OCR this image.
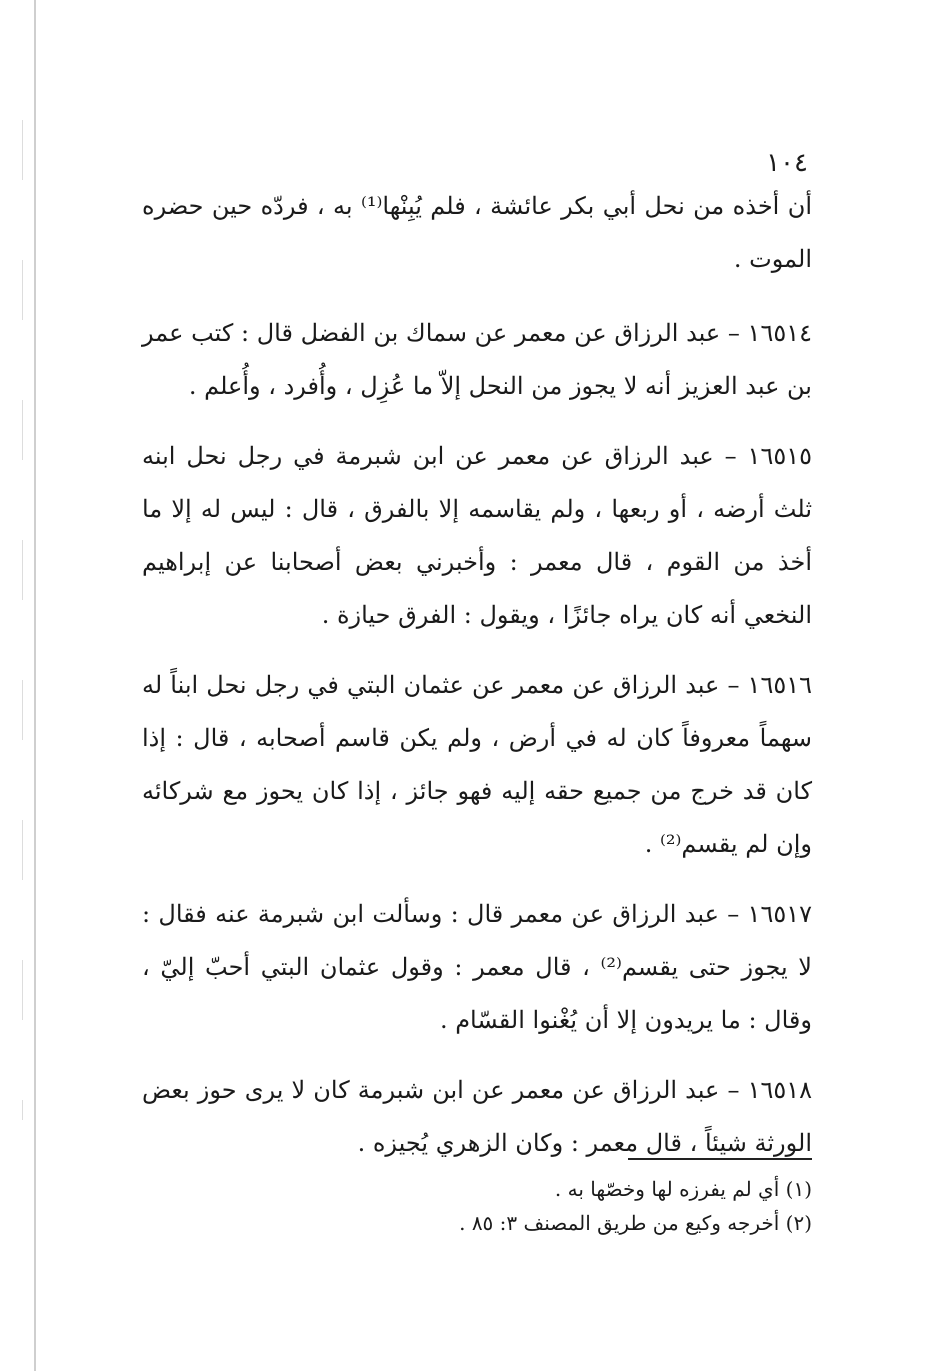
١٠٤

أن أخذه من نحل أبي بكر عائشة ، فلم يُبِنْها⁽¹⁾ به ، فردّه حين حضره الموت .

١٦٥١٤ – عبد الرزاق عن معمر عن سماك بن الفضل قال : كتب عمر بن عبد العزيز أنه لا يجوز من النحل إلاّ ما عُزِل ، وأُفرد ، وأُعلم .

١٦٥١٥ – عبد الرزاق عن معمر عن ابن شبرمة في رجل نحل ابنه ثلث أرضه ، أو ربعها ، ولم يقاسمه إلا بالفرق ، قال : ليس له إلا ما أخذ من القوم ، قال معمر : وأخبرني بعض أصحابنا عن إبراهيم النخعي أنه كان يراه جائزًا ، ويقول : الفرق حيازة .

١٦٥١٦ – عبد الرزاق عن معمر عن عثمان البتي في رجل نحل ابناً له سهماً معروفاً كان له في أرض ، ولم يكن قاسم أصحابه ، قال : إذا كان قد خرج من جميع حقه إليه فهو جائز ، إذا كان يحوز مع شركائه وإن لم يقسم⁽²⁾ .

١٦٥١٧ – عبد الرزاق عن معمر قال : وسألت ابن شبرمة عنه فقال : لا يجوز حتى يقسم⁽²⁾ ، قال معمر : وقول عثمان البتي أحبّ إليّ ، وقال : ما يريدون إلا أن يُغْنوا القسّام .

١٦٥١٨ – عبد الرزاق عن معمر عن ابن شبرمة كان لا يرى حوز بعض الورثة شيئاً ، قال معمر : وكان الزهري يُجيزه .

(١) أي لم يفرزه لها وخصّها به .
(٢) أخرجه وكيع من طريق المصنف ٣: ٨٥ .
